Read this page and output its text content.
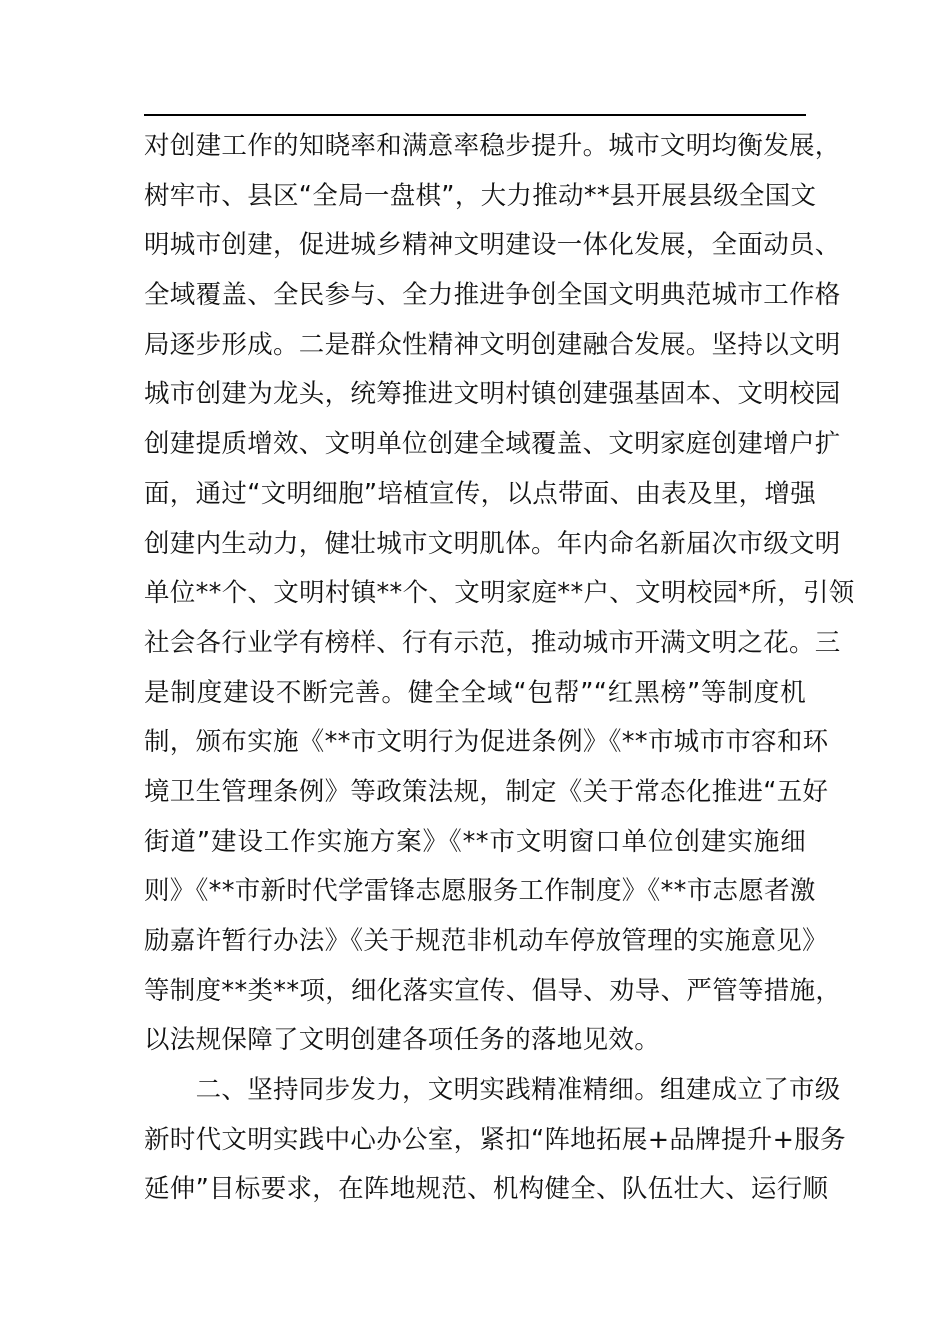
对创建工作的知晓率和满意率稳步提升。城市文明均衡发展，
树牢市、县区“全局一盘棋”，大力推动**县开展县级全国文
明城市创建，促进城乡精神文明建设一体化发展，全面动员、
全域覆盖、全民参与、全力推进争创全国文明典范城市工作格
局逐步形成。二是群众性精神文明创建融合发展。坚持以文明
城市创建为龙头，统筹推进文明村镇创建强基固本、文明校园
创建提质增效、文明单位创建全域覆盖、文明家庭创建增户扩
面，通过“文明细胞”培植宣传，以点带面、由表及里，增强
创建内生动力，健壮城市文明肌体。年内命名新届次市级文明
单位**个、文明村镇**个、文明家庭**户、文明校园*所，引领
社会各行业学有榜样、行有示范，推动城市开满文明之花。三
是制度建设不断完善。健全全域“包帮”“红黑榜”等制度机
制，颁布实施《**市文明行为促进条例》《**市城市市容和环
境卫生管理条例》等政策法规，制定《关于常态化推进“五好
街道”建设工作实施方案》《**市文明窗口单位创建实施细
则》《**市新时代学雷锋志愿服务工作制度》《**市志愿者激
励嘉许暂行办法》《关于规范非机动车停放管理的实施意见》
等制度**类**项，细化落实宣传、倡导、劝导、严管等措施，
以法规保障了文明创建各项任务的落地见效。
　　二、坚持同步发力，文明实践精准精细。组建成立了市级
新时代文明实践中心办公室，紧扣“阵地拓展+品牌提升+服务
延伸”目标要求，在阵地规范、机构健全、队伍壮大、运行顺
